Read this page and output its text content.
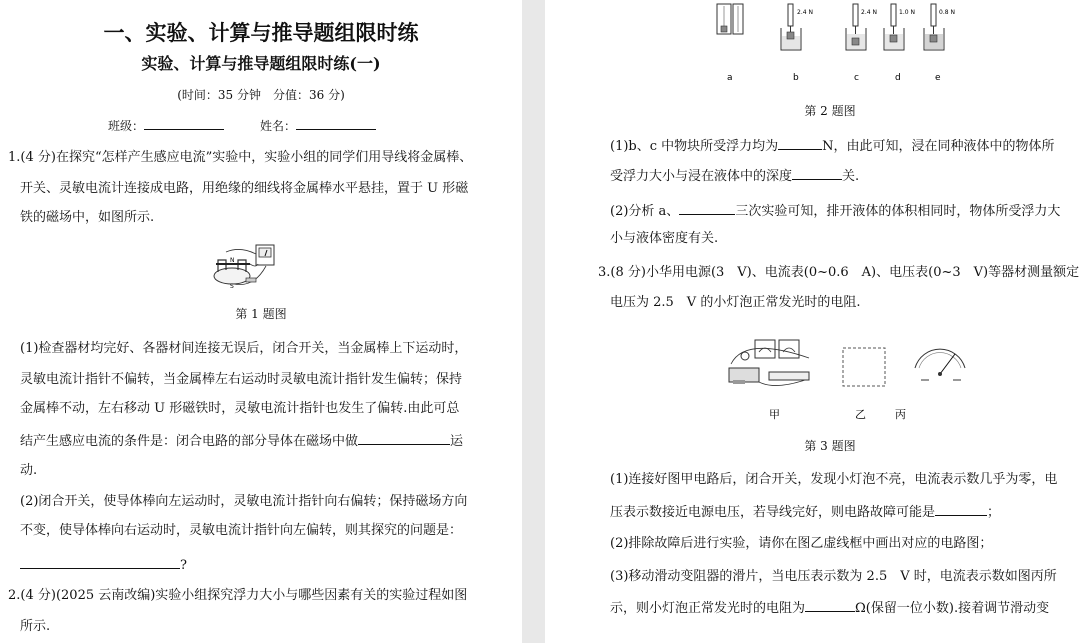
一、实验、计算与推导题组限时练
实验、计算与推导题组限时练(一)
(时间：35 分钟　分值：36 分)
班级：	姓名：
1.(4 分)在探究“怎样产生感应电流”实验中，实验小组的同学们用导线将金属棒、
开关、灵敏电流计连接成电路，用绝缘的细线将金属棒水平悬挂，置于 U 形磁
铁的磁场中，如图所示.
N
S
第 1 题图
(1)检查器材均完好、各器材间连接无误后，闭合开关，当金属棒上下运动时，
灵敏电流计指针不偏转，当金属棒左右运动时灵敏电流计指针发生偏转；保持
金属棒不动，左右移动 U 形磁铁时，灵敏电流计指针也发生了偏转.由此可总
结产生感应电流的条件是：闭合电路的部分导体在磁场中做	运
动.
(2)闭合开关，使导体棒向左运动时，灵敏电流计指针向右偏转；保持磁场方向
不变，使导体棒向右运动时，灵敏电流计指针向左偏转，则其探究的问题是：
?
2.(4 分)(2025 云南改编)实验小组探究浮力大小与哪些因素有关的实验过程如图
所示.
2.4 N	2.4 N	1.0 N	0.8 N
a	b	c	d	e
第 2 题图
(1)b、c 中物块所受浮力均为	N，由此可知，浸在同种液体中的物体所
受浮力大小与浸在液体中的深度	关.
(2)分析 a、	三次实验可知，排开液体的体积相同时，物体所受浮力大
小与液体密度有关.
3.(8 分)小华用电源(3　V)、电流表(0~0.6　A)、电压表(0~3　V)等器材测量额定
电压为 2.5　V 的小灯泡正常发光时的电阻.
甲	乙	丙
第 3 题图
(1)连接好图甲电路后，闭合开关，发现小灯泡不亮，电流表示数几乎为零，电
压表示数接近电源电压，若导线完好，则电路故障可能是	；
(2)排除故障后进行实验，请你在图乙虚线框中画出对应的电路图；
(3)移动滑动变阻器的滑片，当电压表示数为 2.5　V 时，电流表示数如图丙所
示，则小灯泡正常发光时的电阻为	Ω(保留一位小数).接着调节滑动变
